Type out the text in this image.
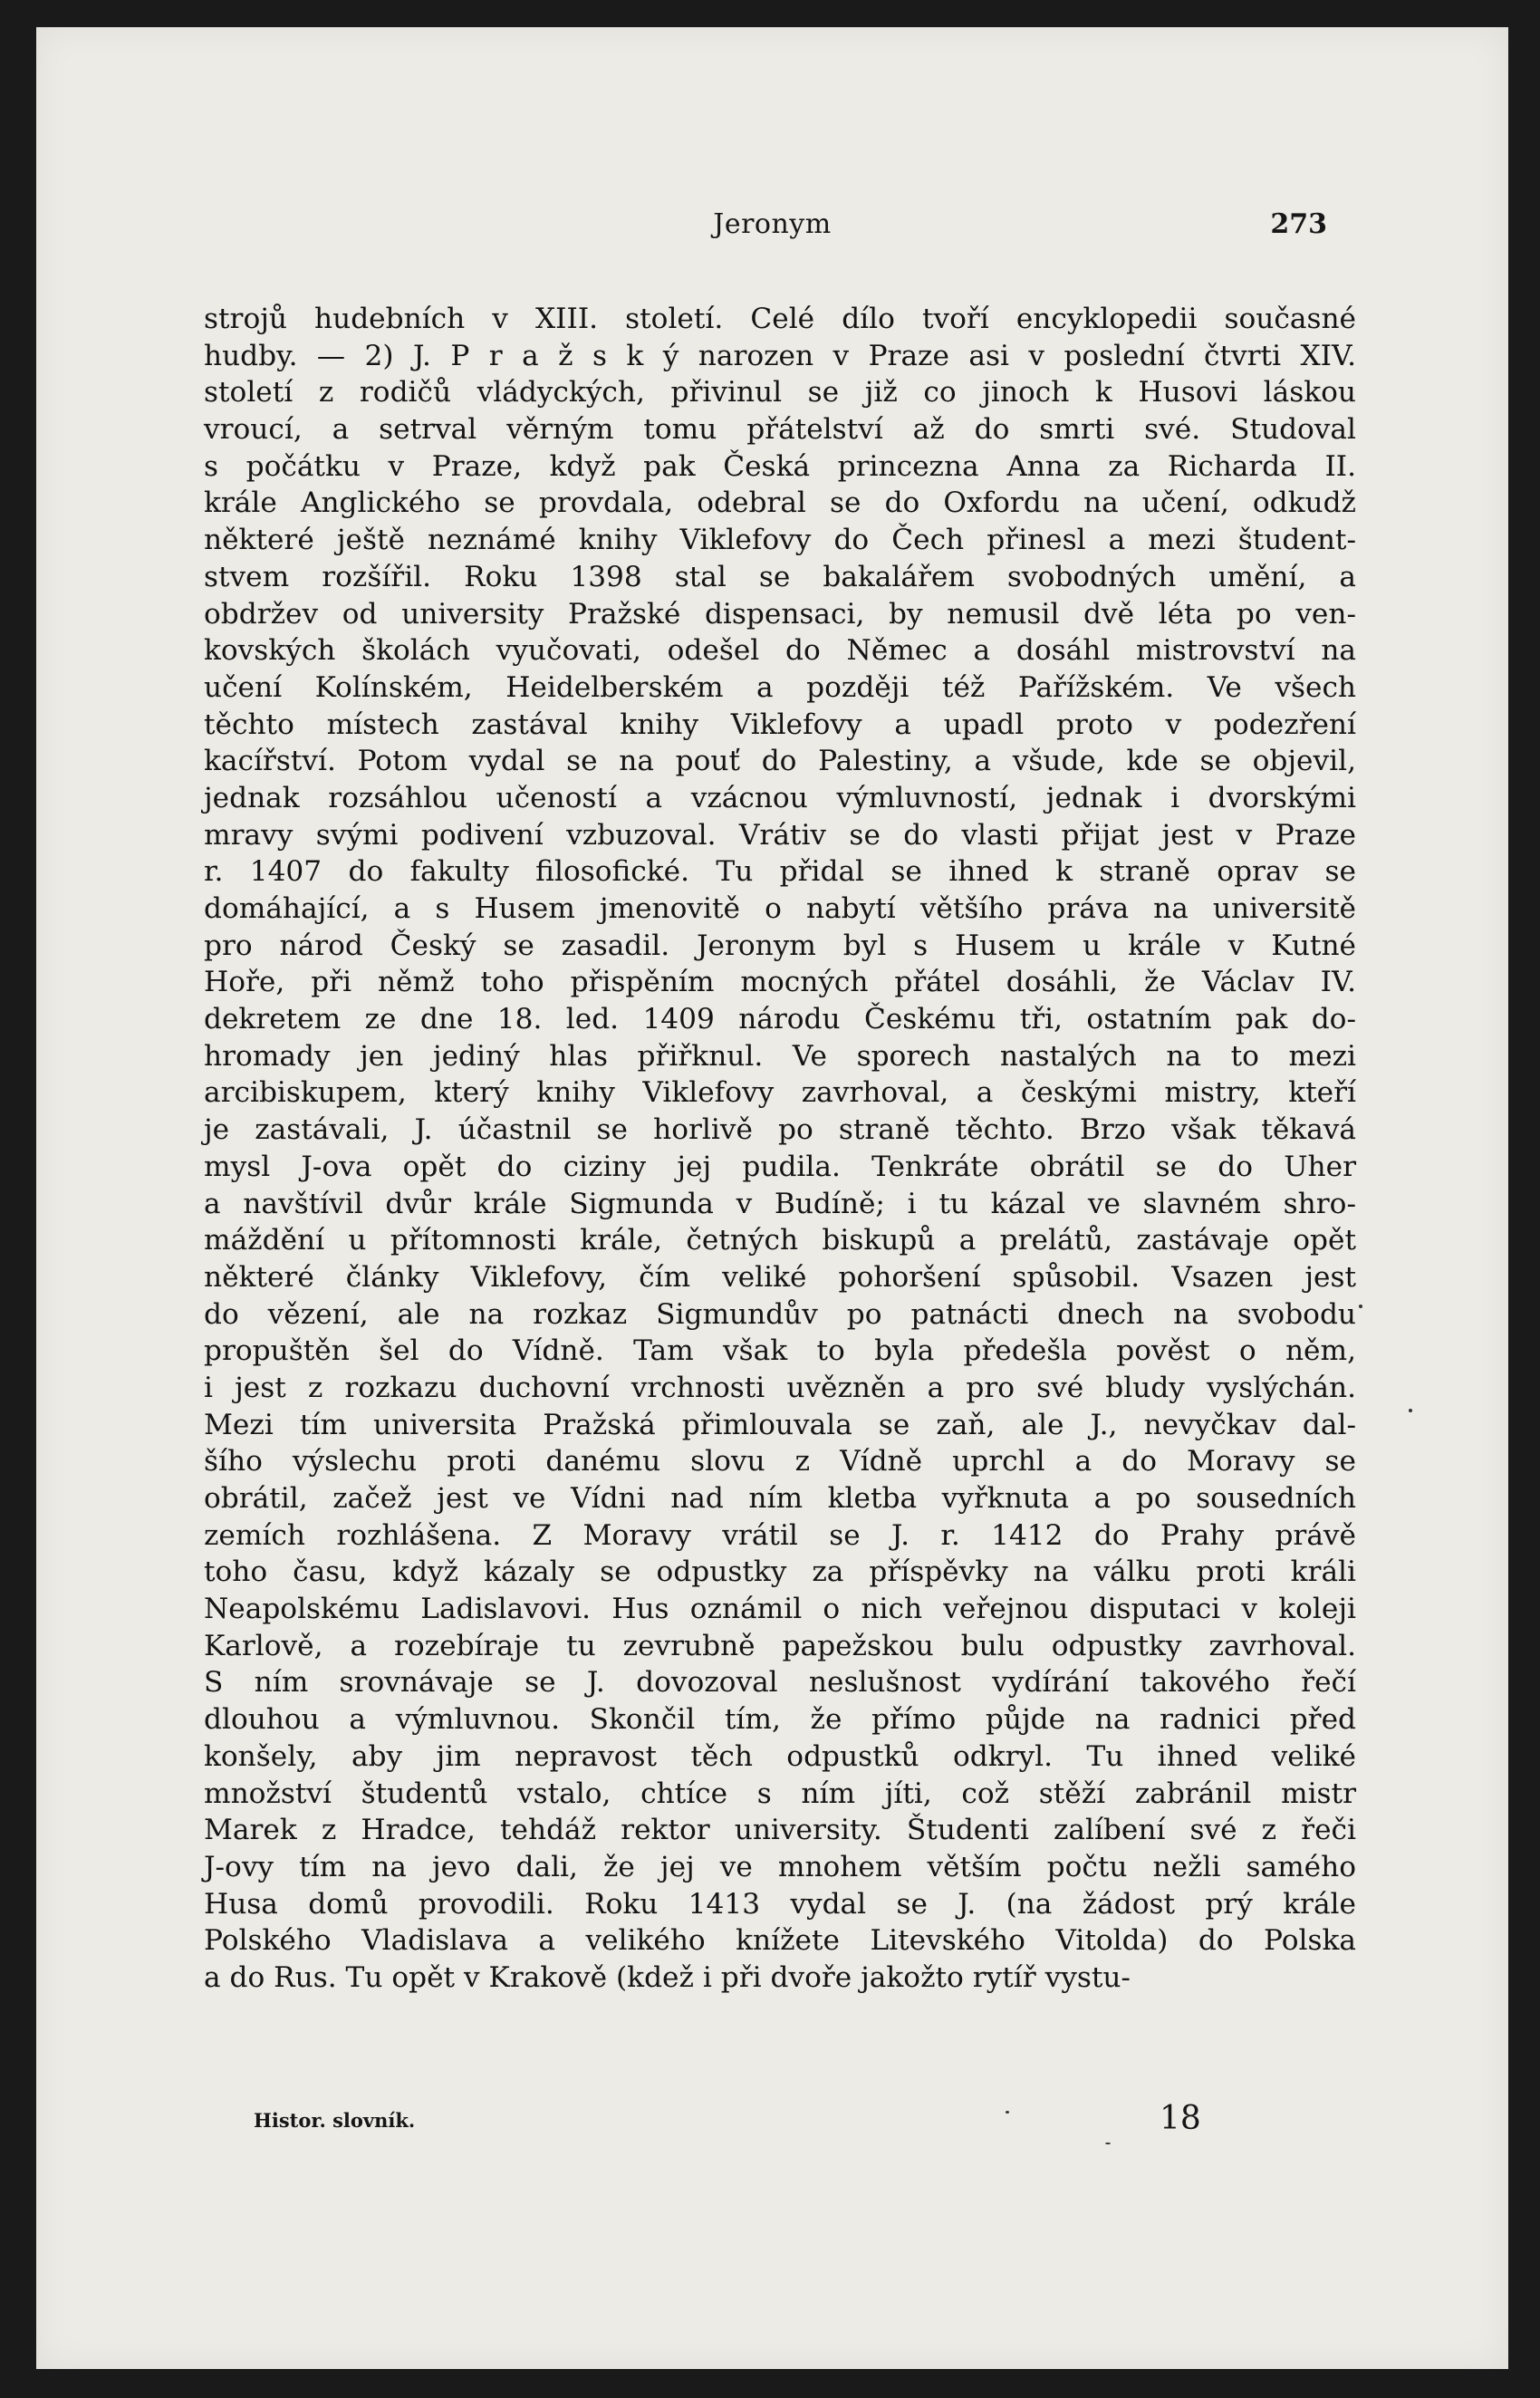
Jeronym	273
strojů hudebních v XIII. století. Celé dílo tvoří encyklopedii současné
hudby. — 2) J. P r a ž s k ý narozen v Praze asi v poslední čtvrti XIV.
století z rodičů vládyckých, přivinul se již co jinoch k Husovi láskou
vroucí, a setrval věrným tomu přátelství až do smrti své. Studoval
s počátku v Praze, když pak Česká princezna Anna za Richarda II.
krále Anglického se provdala, odebral se do Oxfordu na učení, odkudž
některé ještě neznámé knihy Viklefovy do Čech přinesl a mezi študent-
stvem rozšířil. Roku 1398 stal se bakalářem svobodných umění, a
obdržev od university Pražské dispensaci, by nemusil dvě léta po ven-
kovských školách vyučovati, odešel do Němec a dosáhl mistrovství na
učení Kolínském, Heidelberském a později též Pařížském. Ve všech
těchto místech zastával knihy Viklefovy a upadl proto v podezření
kacířství. Potom vydal se na pouť do Palestiny, a všude, kde se objevil,
jednak rozsáhlou učeností a vzácnou výmluvností, jednak i dvorskými
mravy svými podivení vzbuzoval. Vrátiv se do vlasti přijat jest v Praze
r. 1407 do fakulty filosofické. Tu přidal se ihned k straně oprav se
domáhající, a s Husem jmenovitě o nabytí většího práva na universitě
pro národ Český se zasadil. Jeronym byl s Husem u krále v Kutné
Hoře, při němž toho přispěním mocných přátel dosáhli, že Václav IV.
dekretem ze dne 18. led. 1409 národu Českému tři, ostatním pak do-
hromady jen jediný hlas přiřknul. Ve sporech nastalých na to mezi
arcibiskupem, který knihy Viklefovy zavrhoval, a českými mistry, kteří
je zastávali, J. účastnil se horlivě po straně těchto. Brzo však těkavá
mysl J-ova opět do ciziny jej pudila. Tenkráte obrátil se do Uher
a navštívil dvůr krále Sigmunda v Budíně; i tu kázal ve slavném shro-
máždění u přítomnosti krále, četných biskupů a prelátů, zastávaje opět
některé články Viklefovy, čím veliké pohoršení spůsobil. Vsazen jest
do vězení, ale na rozkaz Sigmundův po patnácti dnech na svobodu
propuštěn šel do Vídně. Tam však to byla předešla pověst o něm,
i jest z rozkazu duchovní vrchnosti uvězněn a pro své bludy vyslýchán.
Mezi tím universita Pražská přimlouvala se zaň, ale J., nevyčkav dal-
šího výslechu proti danému slovu z Vídně uprchl a do Moravy se
obrátil, začež jest ve Vídni nad ním kletba vyřknuta a po sousedních
zemích rozhlášena. Z Moravy vrátil se J. r. 1412 do Prahy právě
toho času, když kázaly se odpustky za příspěvky na válku proti králi
Neapolskému Ladislavovi. Hus oznámil o nich veřejnou disputaci v koleji
Karlově, a rozebíraje tu zevrubně papežskou bulu odpustky zavrhoval.
S ním srovnávaje se J. dovozoval neslušnost vydírání takového řečí
dlouhou a výmluvnou. Skončil tím, že přímo půjde na radnici před
konšely, aby jim nepravost těch odpustků odkryl. Tu ihned veliké
množství študentů vstalo, chtíce s ním jíti, což stěží zabránil mistr
Marek z Hradce, tehdáž rektor university. Študenti zalíbení své z řeči
J-ovy tím na jevo dali, že jej ve mnohem větším počtu nežli samého
Husa domů provodili. Roku 1413 vydal se J. (na žádost prý krále
Polského Vladislava a velikého knížete Litevského Vitolda) do Polska
a do Rus. Tu opět v Krakově (kdež i při dvoře jakožto rytíř vystu-
Histor. slovník.	18
